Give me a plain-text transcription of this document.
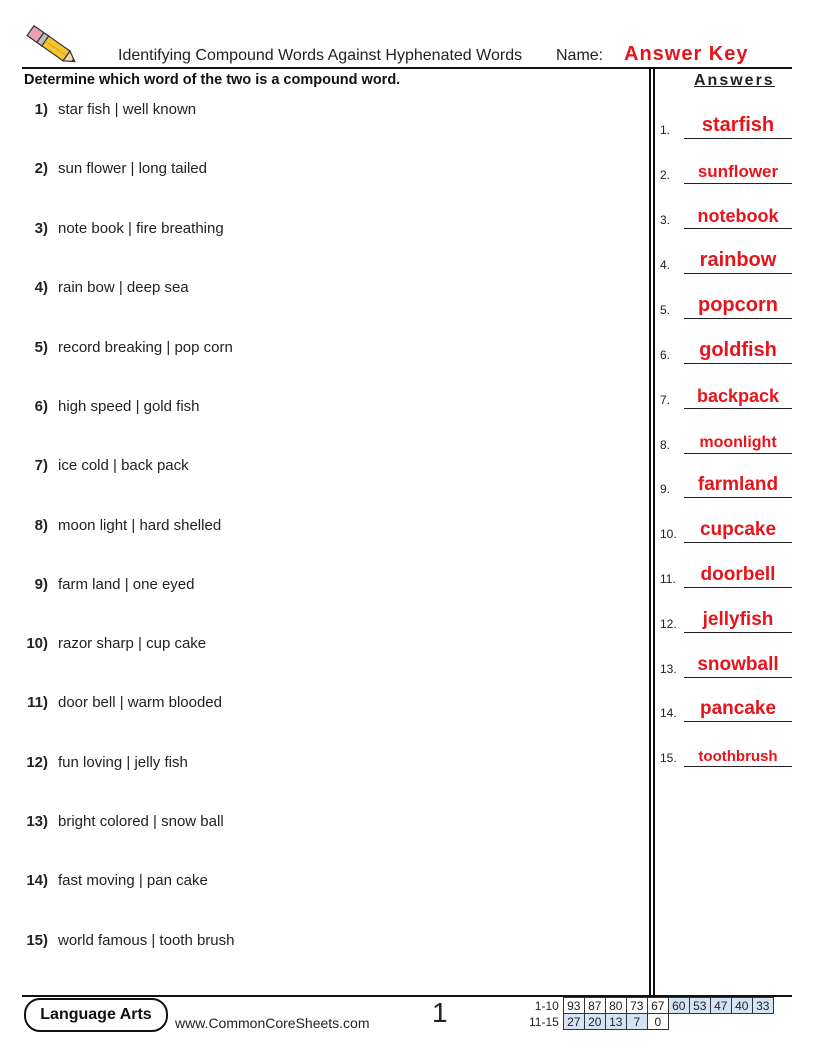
Identifying Compound Words Against Hyphenated Words Name: Answer Key
Determine which word of the two is a compound word.	Answers
1) star fish | well known
2) sun flower | long tailed
3) note book | fire breathing
4) rain bow | deep sea
5) record breaking | pop corn
6) high speed | gold fish
7) ice cold | back pack
8) moon light | hard shelled
9) farm land | one eyed
10) razor sharp | cup cake
11) door bell | warm blooded
12) fun loving | jelly fish
13) bright colored | snow ball
14) fast moving | pan cake
15) world famous | tooth brush
1.	starfish
2.	sunflower
3.	notebook
4.	rainbow
5.	popcorn
6.	goldfish
7.	backpack
8.	moonlight
9.	farmland
10.	cupcake
11.	doorbell
12.	jellyfish
13.	snowball
14.	pancake
15.	toothbrush
Language Arts	www.CommonCoreSheets.com 1	1-10	93	87	80	73	67	60	53	47	40	33
11-15	27	20	13	7	0					
